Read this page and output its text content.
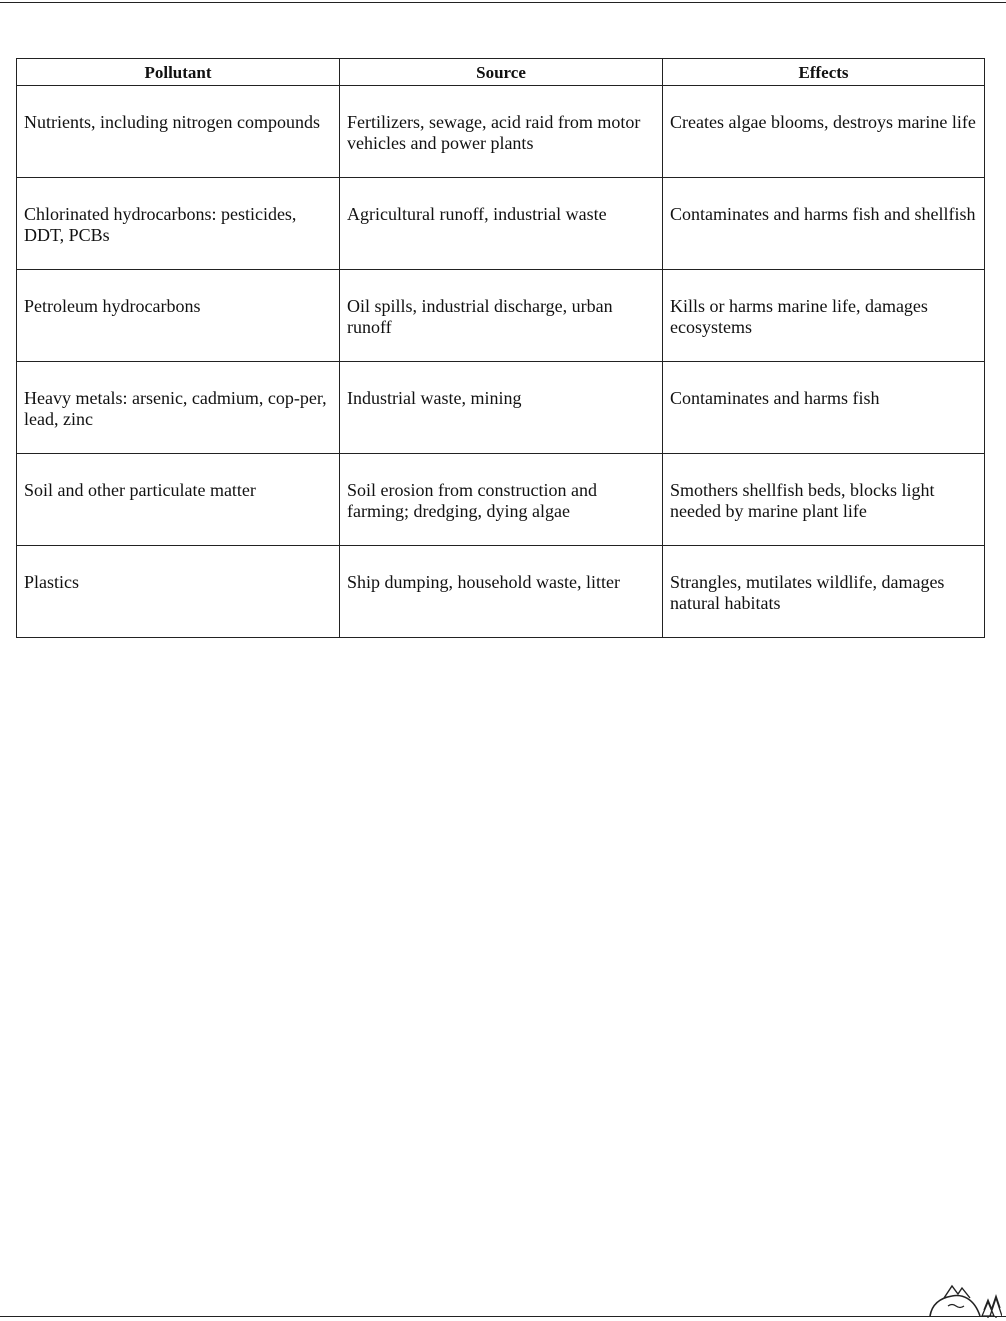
Pollutant	Source	Effects
Nutrients, including nitrogen compounds	Fertilizers, sewage, acid raid from motor vehicles and power plants	Creates algae blooms, destroys marine life
Chlorinated hydrocarbons: pesticides, DDT, PCBs	Agricultural runoff, industrial waste	Contaminates and harms fish and shellfish
Petroleum hydrocarbons	Oil spills, industrial discharge, urban runoff	Kills or harms marine life, damages ecosystems
Heavy metals: arsenic, cadmium, cop-per, lead, zinc	Industrial waste, mining	Contaminates and harms fish
Soil and other particulate matter	Soil erosion from construction and farming; dredging, dying algae	Smothers shellfish beds, blocks light needed by marine plant life
Plastics	Ship dumping, household waste, litter	Strangles, mutilates wildlife, damages natural habitats
